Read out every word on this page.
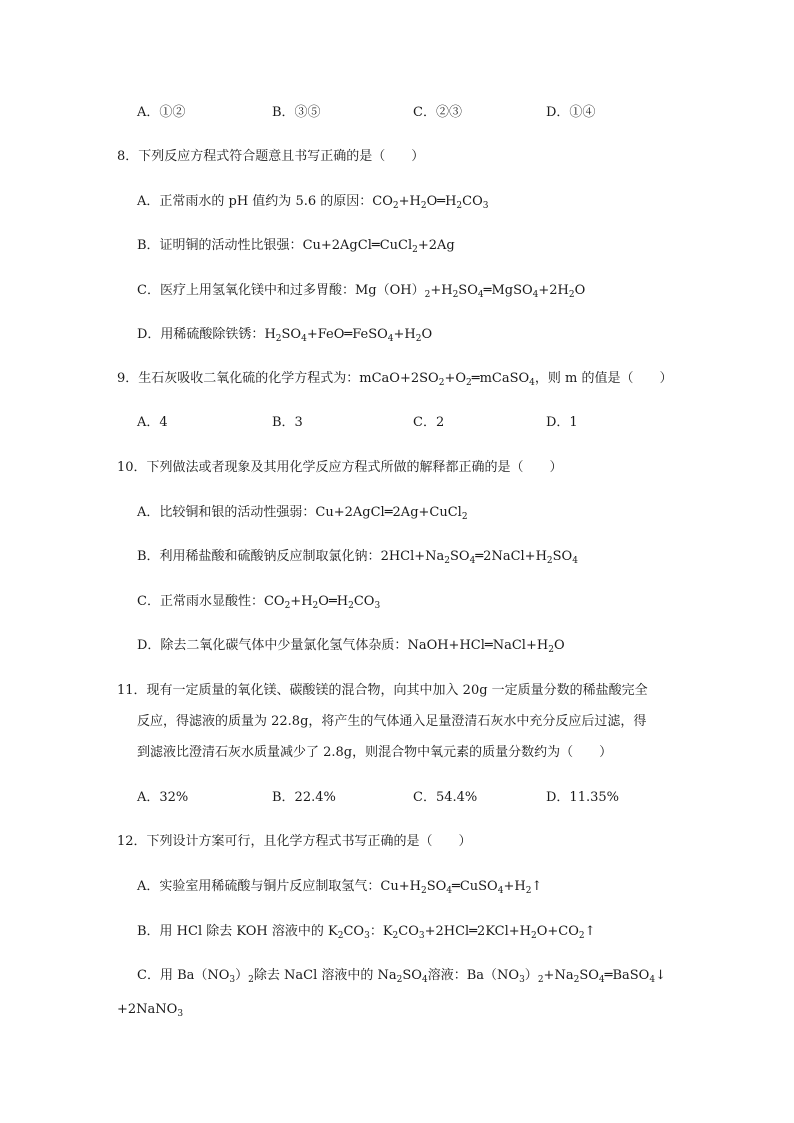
A．①②	B．③⑤	C．②③	D．①④
8．下列反应方程式符合题意且书写正确的是（　　）
A．正常雨水的 pH 值约为 5.6 的原因：$CO_2+H_2O═H_2CO_3$
B．证明铜的活动性比银强：Cu+2AgCl═CuCl$_2$+2Ag
C．医疗上用氢氧化镁中和过多胃酸：$Mg(OH)_2+H_2SO_4═MgSO_4+2H_2O$
D．用稀硫酸除铁锈：$H_2SO_4+FeO═FeSO_4+H_2O$
9．生石灰吸收二氧化硫的化学方程式为：$mCaO+2SO_2+O_2═mCaSO_4$，则 m 的值是（　　）
A．4	B．3	C．2	D．1
10．下列做法或者现象及其用化学反应方程式所做的解释都正确的是（　　）
A．比较铜和银的活动性强弱：Cu+2AgCl═2Ag+CuCl$_2$
B．利用稀盐酸和硫酸钠反应制取氯化钠：$2HCl+Na_2SO_4═2NaCl+H_2SO_4$
C．正常雨水显酸性：$CO_2+H_2O═H_2CO_3$
D．除去二氧化碳气体中少量氯化氢气体杂质：$NaOH+HCl═NaCl+H_2O$
11．现有一定质量的氧化镁、碳酸镁的混合物，向其中加入 20g 一定质量分数的稀盐酸完全
反应，得滤液的质量为 22.8g，将产生的气体通入足量澄清石灰水中充分反应后过滤，得
到滤液比澄清石灰水质量减少了 2.8g，则混合物中氧元素的质量分数约为（　　）
A．32%	B．22.4%	C．54.4%	D．11.35%
12．下列设计方案可行，且化学方程式书写正确的是（　　）
A．实验室用稀硫酸与铜片反应制取氢气：$Cu+H_2SO_4═CuSO_4+H_2↑$
B．用 HCl 除去 KOH 溶液中的 $K_2CO_3$：$K_2CO_3+2HCl═2KCl+H_2O+CO_2↑$
C．用 $Ba(NO_3)_2$除去 NaCl 溶液中的 $Na_2SO_4$溶液：$Ba(NO_3)_2+Na_2SO_4═BaSO_4↓$
+2NaNO$_3$
